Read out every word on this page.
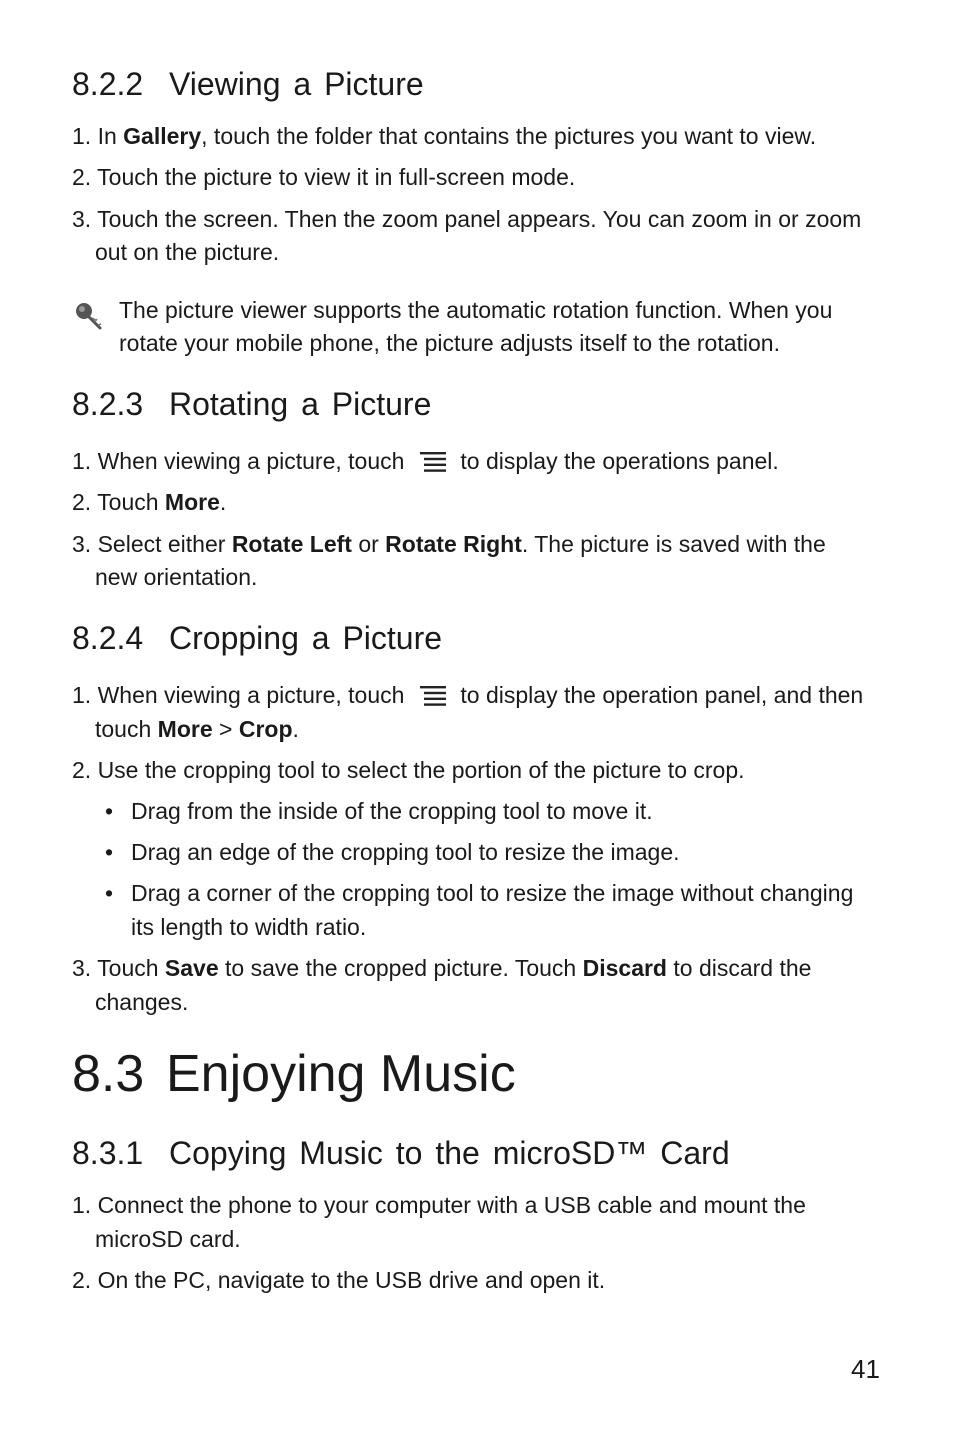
8.2.2 Viewing a Picture
1. In Gallery, touch the folder that contains the pictures you want to view.
2. Touch the picture to view it in full-screen mode.
3. Touch the screen. Then the zoom panel appears. You can zoom in or zoom
out on the picture.
The picture viewer supports the automatic rotation function. When you
rotate your mobile phone, the picture adjusts itself to the rotation.
8.2.3 Rotating a Picture
1. When viewing a picture, touch to display the operations panel.
2. Touch More.
3. Select either Rotate Left or Rotate Right. The picture is saved with the
new orientation.
8.2.4 Cropping a Picture
1. When viewing a picture, touch to display the operation panel, and then
touch More > Crop.
2. Use the cropping tool to select the portion of the picture to crop.
• Drag from the inside of the cropping tool to move it.
• Drag an edge of the cropping tool to resize the image.
• Drag a corner of the cropping tool to resize the image without changing
its length to width ratio.
3. Touch Save to save the cropped picture. Touch Discard to discard the
changes.
8.3 Enjoying Music
8.3.1 Copying Music to the microSD™ Card
1. Connect the phone to your computer with a USB cable and mount the
microSD card.
2. On the PC, navigate to the USB drive and open it.
41
